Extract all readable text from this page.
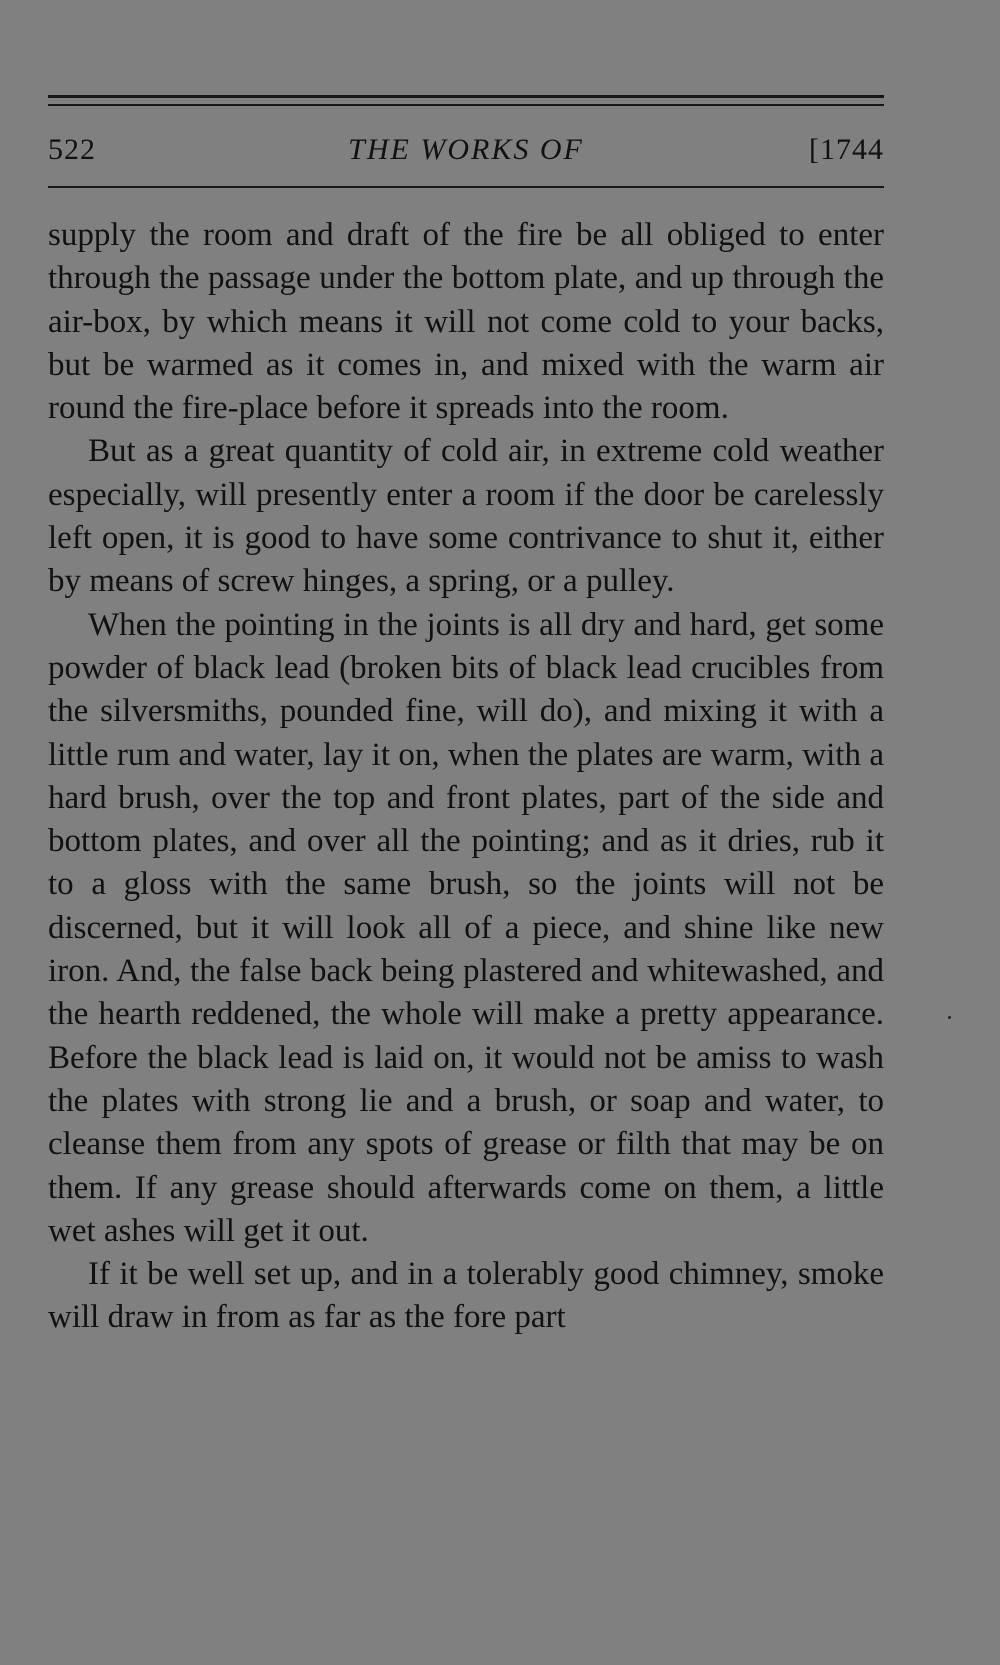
522	THE WORKS OF	[1744

supply the room and draft of the fire be all obliged to enter through the passage under the bottom plate, and up through the air-box, by which means it will not come cold to your backs, but be warmed as it comes in, and mixed with the warm air round the fire-place before it spreads into the room.

But as a great quantity of cold air, in extreme cold weather especially, will presently enter a room if the door be carelessly left open, it is good to have some contrivance to shut it, either by means of screw hinges, a spring, or a pulley.

When the pointing in the joints is all dry and hard, get some powder of black lead (broken bits of black lead crucibles from the silversmiths, pounded fine, will do), and mixing it with a little rum and water, lay it on, when the plates are warm, with a hard brush, over the top and front plates, part of the side and bottom plates, and over all the pointing; and as it dries, rub it to a gloss with the same brush, so the joints will not be discerned, but it will look all of a piece, and shine like new iron. And, the false back being plastered and whitewashed, and the hearth reddened, the whole will make a pretty appearance. Before the black lead is laid on, it would not be amiss to wash the plates with strong lie and a brush, or soap and water, to cleanse them from any spots of grease or filth that may be on them. If any grease should afterwards come on them, a little wet ashes will get it out.

If it be well set up, and in a tolerably good chimney, smoke will draw in from as far as the fore part
